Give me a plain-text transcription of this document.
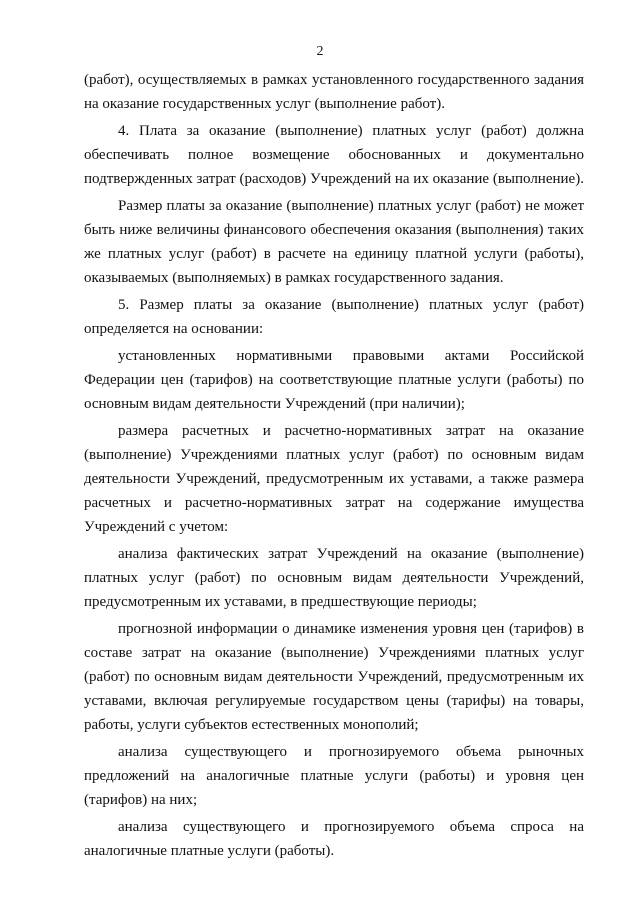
2

(работ), осуществляемых в рамках установленного государственного задания на оказание государственных услуг (выполнение работ).

4. Плата за оказание (выполнение) платных услуг (работ) должна обеспечивать полное возмещение обоснованных и документально подтвержденных затрат (расходов) Учреждений на их оказание (выполнение).

Размер платы за оказание (выполнение) платных услуг (работ) не может быть ниже величины финансового обеспечения оказания (выполнения) таких же платных услуг (работ) в расчете на единицу платной услуги (работы), оказываемых (выполняемых) в рамках государственного задания.

5. Размер платы за оказание (выполнение) платных услуг (работ) определяется на основании:

установленных нормативными правовыми актами Российской Федерации цен (тарифов) на соответствующие платные услуги (работы) по основным видам деятельности Учреждений (при наличии);

размера расчетных и расчетно-нормативных затрат на оказание (выполнение) Учреждениями платных услуг (работ) по основным видам деятельности Учреждений, предусмотренным их уставами, а также размера расчетных и расчетно-нормативных затрат на содержание имущества Учреждений с учетом:

анализа фактических затрат Учреждений на оказание (выполнение) платных услуг (работ) по основным видам деятельности Учреждений, предусмотренным их уставами, в предшествующие периоды;

прогнозной информации о динамике изменения уровня цен (тарифов) в составе затрат на оказание (выполнение) Учреждениями платных услуг (работ) по основным видам деятельности Учреждений, предусмотренным их уставами, включая регулируемые государством цены (тарифы) на товары, работы, услуги субъектов естественных монополий;

анализа существующего и прогнозируемого объема рыночных предложений на аналогичные платные услуги (работы) и уровня цен (тарифов) на них;

анализа существующего и прогнозируемого объема спроса на аналогичные платные услуги (работы).
